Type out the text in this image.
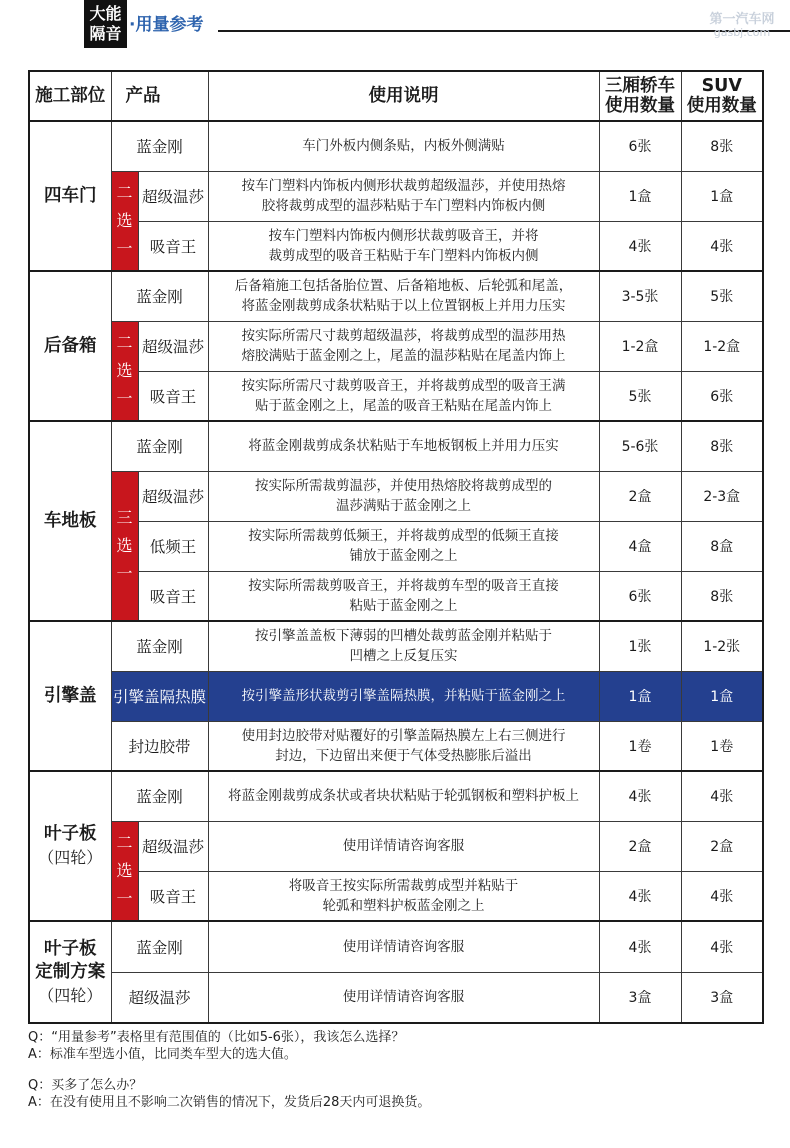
大能
隔音 ·用量参考	第一汽车网
gasbj.com
施工部位	产品		使用说明	三厢轿车
使用数量	SUV
使用数量

四车门	蓝金刚		车门外板内侧条贴，内板外侧满贴	6张	8张

	二选一	超级温莎	按车门塑料内饰板内侧形状裁剪超级温莎，并使用热熔
胶将裁剪成型的温莎粘贴于车门塑料内饰板内侧	1盒	1盒
		吸音王	按车门塑料内饰板内侧形状裁剪吸音王，并将
裁剪成型的吸音王粘贴于车门塑料内饰板内侧	4张	4张

后备箱	蓝金刚		后备箱施工包括备胎位置、后备箱地板、后轮弧和尾盖，
将蓝金刚裁剪成条状粘贴于以上位置钢板上并用力压实	3-5张	5张

	二选一	超级温莎	按实际所需尺寸裁剪超级温莎，将裁剪成型的温莎用热
熔胶满贴于蓝金刚之上，尾盖的温莎粘贴在尾盖内饰上	1-2盒	1-2盒
		吸音王	按实际所需尺寸裁剪吸音王，并将裁剪成型的吸音王满
贴于蓝金刚之上，尾盖的吸音王粘贴在尾盖内饰上	5张	6张

车地板	蓝金刚		将蓝金刚裁剪成条状粘贴于车地板钢板上并用力压实	5-6张	8张

	三选一	超级温莎	按实际所需裁剪温莎，并使用热熔胶将裁剪成型的
温莎满贴于蓝金刚之上	2盒	2-3盒
		低频王	按实际所需裁剪低频王，并将裁剪成型的低频王直接
铺放于蓝金刚之上	4盒	8盒
		吸音王	按实际所需裁剪吸音王，并将裁剪车型的吸音王直接
粘贴于蓝金刚之上	6张	8张

引擎盖	蓝金刚		按引擎盖盖板下薄弱的凹槽处裁剪蓝金刚并粘贴于
凹槽之上反复压实	1张	1-2张
	引擎盖隔热膜		按引擎盖形状裁剪引擎盖隔热膜，并粘贴于蓝金刚之上	1盒	1盒
	封边胶带		使用封边胶带对贴覆好的引擎盖隔热膜左上右三侧进行
封边，下边留出来便于气体受热膨胀后溢出	1卷	1卷

叶子板
（四轮）	蓝金刚		将蓝金刚裁剪成条状或者块状粘贴于轮弧钢板和塑料护板上	4张	4张

	二选一	超级温莎	使用详情请咨询客服	2盒	2盒
		吸音王	将吸音王按实际所需裁剪成型并粘贴于
轮弧和塑料护板蓝金刚之上	4张	4张

叶子板
定制方案
（四轮）	蓝金刚		使用详情请咨询客服	4张	4张
	超级温莎		使用详情请咨询客服	3盒	3盒
Q：“用量参考”表格里有范围值的（比如5-6张），我该怎么选择？
A：标准车型选小值，比同类车型大的选大值。
Q：买多了怎么办？
A：在没有使用且不影响二次销售的情况下，发货后28天内可退换货。
